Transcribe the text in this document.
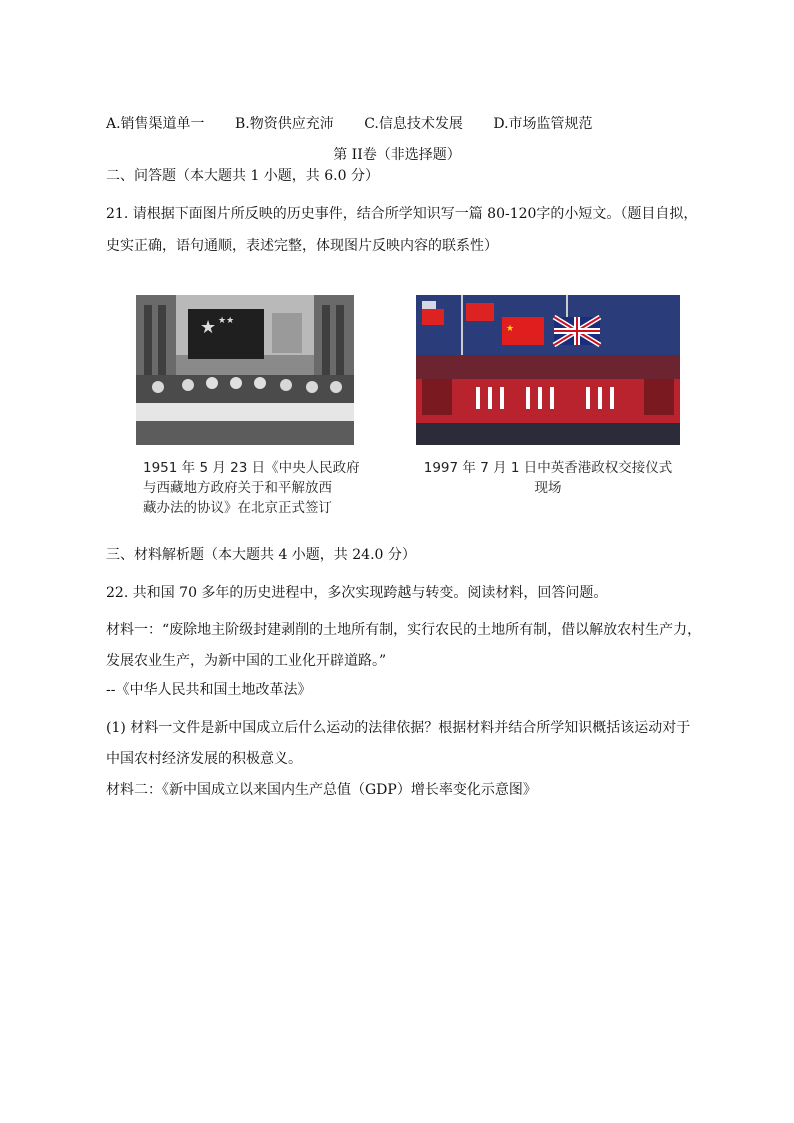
A.销售渠道单一 B.物资供应充沛 C.信息技术发展 D.市场监管规范
第 II卷（非选择题）
二、问答题（本大题共 1 小题，共 6.0 分）
21. 请根据下面图片所反映的历史事件，结合所学知识写一篇 80-120字的小短文。（题目自拟，
史实正确，语句通顺，表述完整，体现图片反映内容的联系性）
★ ★★
★
1951 年 5 月 23 日《中央人民政府
与西藏地方政府关于和平解放西
藏办法的协议》在北京正式签订
1997 年 7 月 1 日中英香港政权交接仪式
现场
三、材料解析题（本大题共 4 小题，共 24.0 分）
22. 共和国 70 多年的历史进程中，多次实现跨越与转变。阅读材料，回答问题。
材料一：“废除地主阶级封建剥削的土地所有制，实行农民的土地所有制，借以解放农村生产力，
发展农业生产，为新中国的工业化开辟道路。”
--《中华人民共和国土地改革法》
(1) 材料一文件是新中国成立后什么运动的法律依据？根据材料并结合所学知识概括该运动对于
中国农村经济发展的积极意义。
材料二：《新中国成立以来国内生产总值（GDP）增长率变化示意图》
